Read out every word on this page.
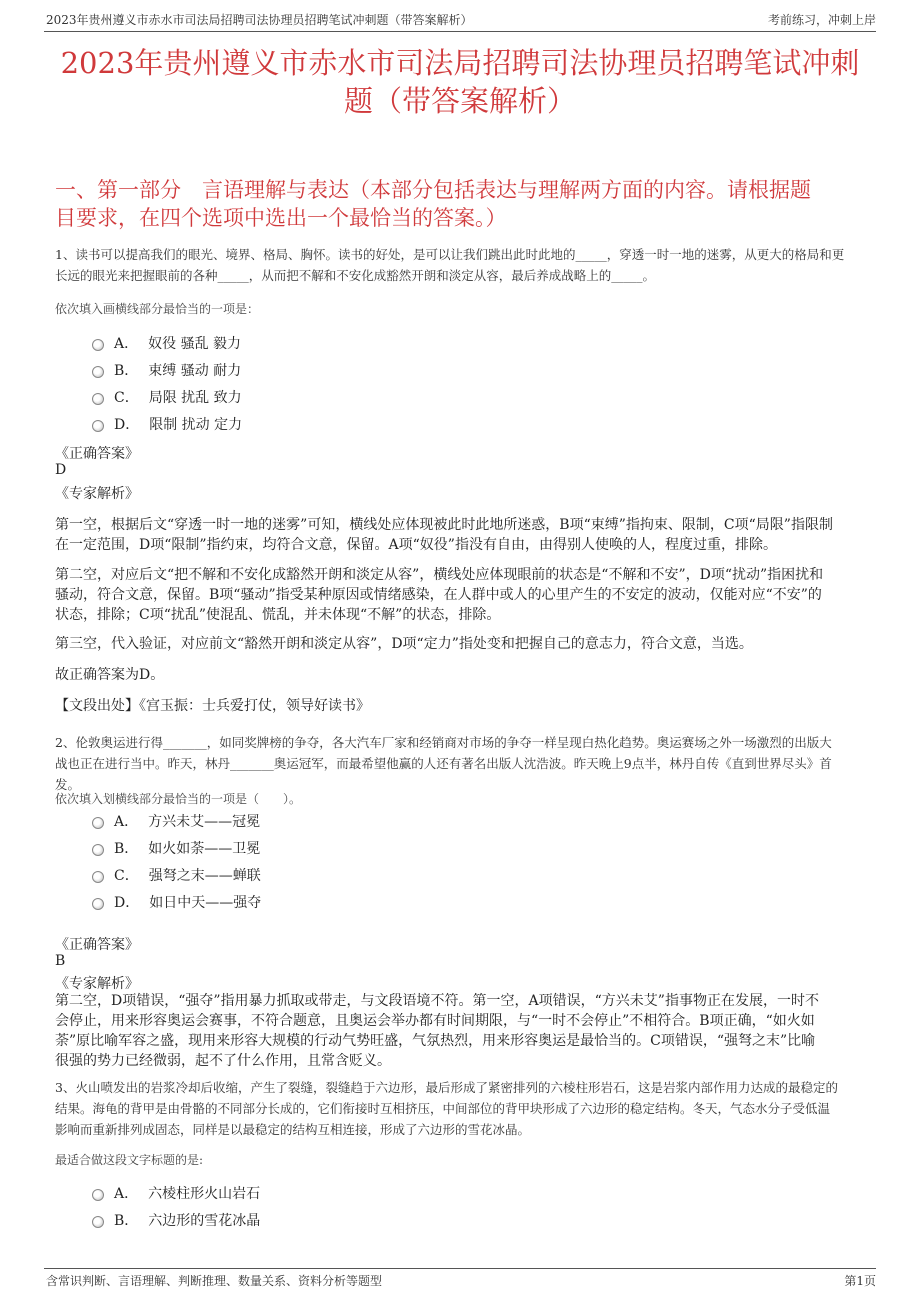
2023年贵州遵义市赤水市司法局招聘司法协理员招聘笔试冲刺题（带答案解析）	考前练习，冲刺上岸
2023年贵州遵义市赤水市司法局招聘司法协理员招聘笔试冲刺
题（带答案解析）
一、第一部分　言语理解与表达（本部分包括表达与理解两方面的内容。请根据题
目要求，在四个选项中选出一个最恰当的答案。）
1、读书可以提高我们的眼光、境界、格局、胸怀。读书的好处，是可以让我们跳出此时此地的_____，穿透一时一地的迷雾，从更大的格局和更
长远的眼光来把握眼前的各种_____，从而把不解和不安化成豁然开朗和淡定从容，最后养成战略上的_____。
依次填入画横线部分最恰当的一项是：
A． 奴役 骚乱 毅力
B． 束缚 骚动 耐力
C． 局限 扰乱 致力
D． 限制 扰动 定力
《正确答案》
D
《专家解析》
第一空，根据后文“穿透一时一地的迷雾”可知，横线处应体现被此时此地所迷惑，B项“束缚”指拘束、限制，C项“局限”指限制
在一定范围，D项“限制”指约束，均符合文意，保留。A项“奴役”指没有自由，由得别人使唤的人，程度过重，排除。
第二空，对应后文“把不解和不安化成豁然开朗和淡定从容”，横线处应体现眼前的状态是“不解和不安”，D项“扰动”指困扰和
骚动，符合文意，保留。B项“骚动”指受某种原因或情绪感染，在人群中或人的心里产生的不安定的波动，仅能对应“不安”的
状态，排除；C项“扰乱”使混乱、慌乱，并未体现“不解”的状态，排除。
第三空，代入验证，对应前文“豁然开朗和淡定从容”，D项“定力”指处变和把握自己的意志力，符合文意，当选。
故正确答案为D。
【文段出处】《宫玉振：士兵爱打仗，领导好读书》
2、伦敦奥运进行得_______，如同奖牌榜的争夺，各大汽车厂家和经销商对市场的争夺一样呈现白热化趋势。奥运赛场之外一场激烈的出版大
战也正在进行当中。昨天，林丹_______奥运冠军，而最希望他赢的人还有著名出版人沈浩波。昨天晚上9点半，林丹自传《直到世界尽头》首
发。
依次填入划横线部分最恰当的一项是（　　）。
A． 方兴未艾——冠冕
B． 如火如荼——卫冕
C． 强弩之末——蝉联
D． 如日中天——强夺
《正确答案》
B
《专家解析》
第二空，D项错误，“强夺”指用暴力抓取或带走，与文段语境不符。第一空，A项错误，“方兴未艾”指事物正在发展，一时不
会停止，用来形容奥运会赛事，不符合题意，且奥运会举办都有时间期限，与“一时不会停止”不相符合。B项正确，“如火如
荼”原比喻军容之盛，现用来形容大规模的行动气势旺盛，气氛热烈，用来形容奥运是最恰当的。C项错误，“强弩之末”比喻
很强的势力已经微弱，起不了什么作用，且常含贬义。
3、火山喷发出的岩浆冷却后收缩，产生了裂缝，裂缝趋于六边形，最后形成了紧密排列的六棱柱形岩石，这是岩浆内部作用力达成的最稳定的
结果。海龟的背甲是由骨骼的不同部分长成的，它们衔接时互相挤压，中间部位的背甲块形成了六边形的稳定结构。冬天，气态水分子受低温
影响而重新排列成固态，同样是以最稳定的结构互相连接，形成了六边形的雪花冰晶。
最适合做这段文字标题的是:
A． 六棱柱形火山岩石
B． 六边形的雪花冰晶
含常识判断、言语理解、判断推理、数量关系、资料分析等题型	第1页
